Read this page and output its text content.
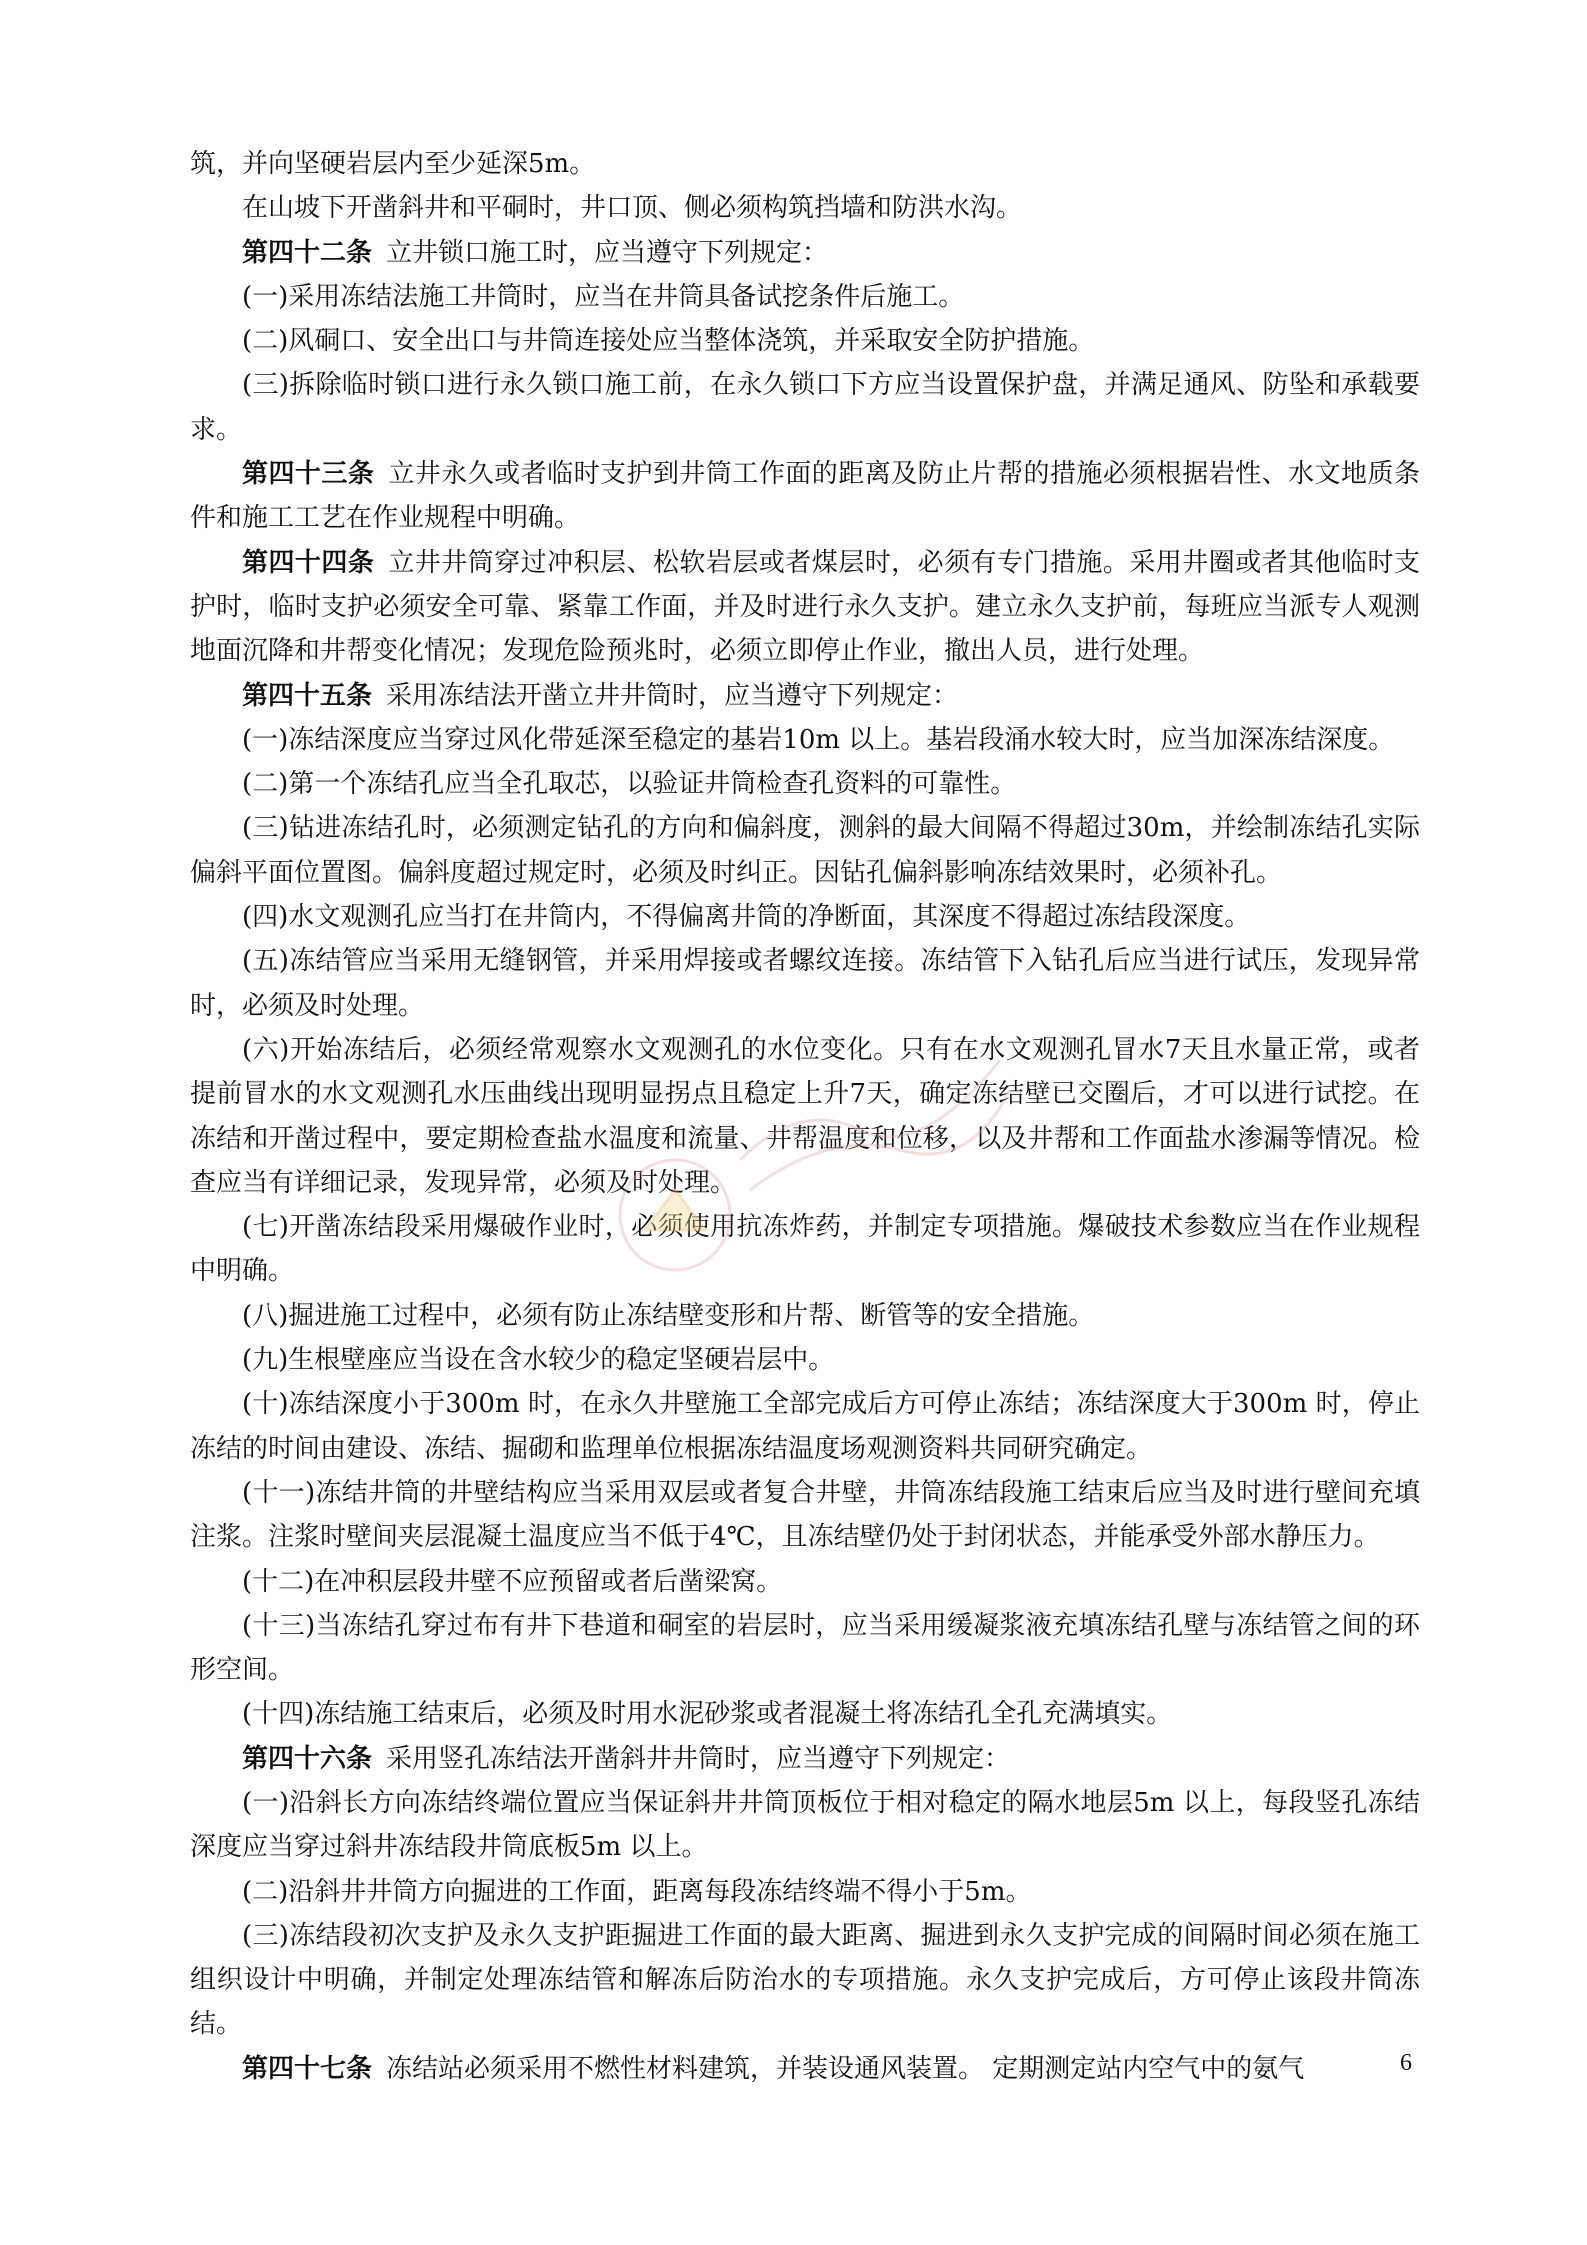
筑，并向坚硬岩层内至少延深5m。

在山坡下开凿斜井和平硐时，井口顶、侧必须构筑挡墙和防洪水沟。

第四十二条 立井锁口施工时，应当遵守下列规定：

(一)采用冻结法施工井筒时，应当在井筒具备试挖条件后施工。

(二)风硐口、安全出口与井筒连接处应当整体浇筑，并采取安全防护措施。

(三)拆除临时锁口进行永久锁口施工前，在永久锁口下方应当设置保护盘，并满足通风、防坠和承载要求。

第四十三条 立井永久或者临时支护到井筒工作面的距离及防止片帮的措施必须根据岩性、水文地质条件和施工工艺在作业规程中明确。

第四十四条 立井井筒穿过冲积层、松软岩层或者煤层时，必须有专门措施。采用井圈或者其他临时支护时，临时支护必须安全可靠、紧靠工作面，并及时进行永久支护。建立永久支护前，每班应当派专人观测地面沉降和井帮变化情况；发现危险预兆时，必须立即停止作业，撤出人员，进行处理。

第四十五条 采用冻结法开凿立井井筒时，应当遵守下列规定：

(一)冻结深度应当穿过风化带延深至稳定的基岩10m 以上。基岩段涌水较大时，应当加深冻结深度。

(二)第一个冻结孔应当全孔取芯，以验证井筒检查孔资料的可靠性。

(三)钻进冻结孔时，必须测定钻孔的方向和偏斜度，测斜的最大间隔不得超过30m，并绘制冻结孔实际偏斜平面位置图。偏斜度超过规定时，必须及时纠正。因钻孔偏斜影响冻结效果时，必须补孔。

(四)水文观测孔应当打在井筒内，不得偏离井筒的净断面，其深度不得超过冻结段深度。

(五)冻结管应当采用无缝钢管，并采用焊接或者螺纹连接。冻结管下入钻孔后应当进行试压，发现异常时，必须及时处理。

(六)开始冻结后，必须经常观察水文观测孔的水位变化。只有在水文观测孔冒水7天且水量正常，或者提前冒水的水文观测孔水压曲线出现明显拐点且稳定上升7天，确定冻结壁已交圈后，才可以进行试挖。在冻结和开凿过程中，要定期检查盐水温度和流量、井帮温度和位移，以及井帮和工作面盐水渗漏等情况。检查应当有详细记录，发现异常，必须及时处理。

(七)开凿冻结段采用爆破作业时，必须使用抗冻炸药，并制定专项措施。爆破技术参数应当在作业规程中明确。

(八)掘进施工过程中，必须有防止冻结壁变形和片帮、断管等的安全措施。

(九)生根壁座应当设在含水较少的稳定坚硬岩层中。

(十)冻结深度小于300m 时，在永久井壁施工全部完成后方可停止冻结；冻结深度大于300m 时，停止冻结的时间由建设、冻结、掘砌和监理单位根据冻结温度场观测资料共同研究确定。

(十一)冻结井筒的井壁结构应当采用双层或者复合井壁，井筒冻结段施工结束后应当及时进行壁间充填注浆。注浆时壁间夹层混凝土温度应当不低于4℃，且冻结壁仍处于封闭状态，并能承受外部水静压力。

(十二)在冲积层段井壁不应预留或者后凿梁窝。

(十三)当冻结孔穿过布有井下巷道和硐室的岩层时，应当采用缓凝浆液充填冻结孔壁与冻结管之间的环形空间。

(十四)冻结施工结束后，必须及时用水泥砂浆或者混凝土将冻结孔全孔充满填实。

第四十六条 采用竖孔冻结法开凿斜井井筒时，应当遵守下列规定：

(一)沿斜长方向冻结终端位置应当保证斜井井筒顶板位于相对稳定的隔水地层5m 以上，每段竖孔冻结深度应当穿过斜井冻结段井筒底板5m 以上。

(二)沿斜井井筒方向掘进的工作面，距离每段冻结终端不得小于5m。

(三)冻结段初次支护及永久支护距掘进工作面的最大距离、掘进到永久支护完成的间隔时间必须在施工组织设计中明确，并制定处理冻结管和解冻后防治水的专项措施。永久支护完成后，方可停止该段井筒冻结。

第四十七条 冻结站必须采用不燃性材料建筑，并装设通风装置。 定期测定站内空气中的氨气	6
